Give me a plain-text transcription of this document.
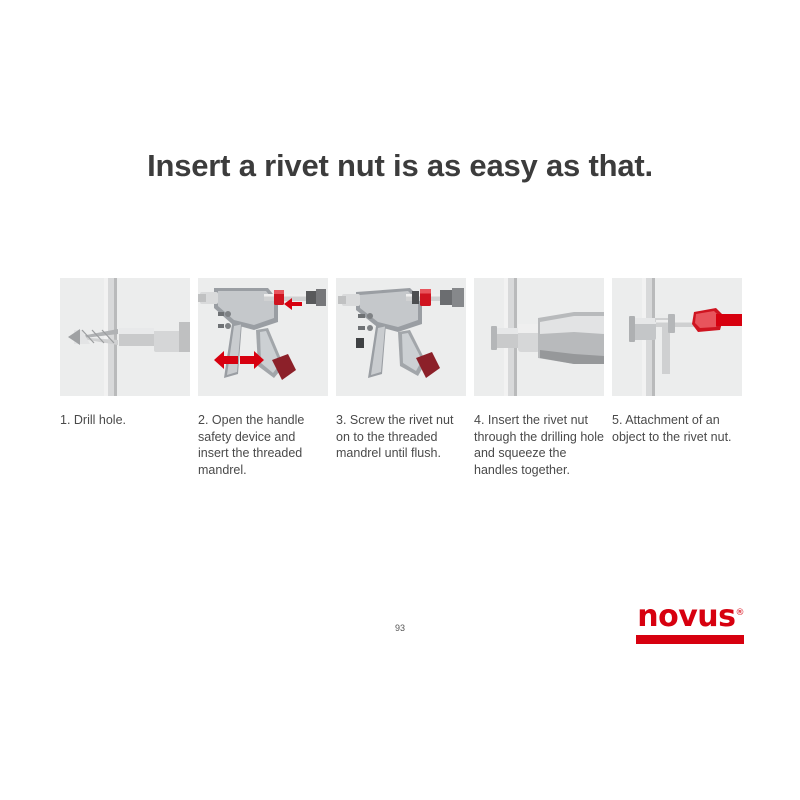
Insert a rivet nut is as easy as that.
1. Drill hole.	2. Open the handle safety device and insert the threaded mandrel.
3. Screw the rivet nut on to the threaded mandrel until flush.
4. Insert the rivet nut through the drilling hole and squeeze the handles together.
5. Attachment of an object to the rivet nut.
93	novus®
